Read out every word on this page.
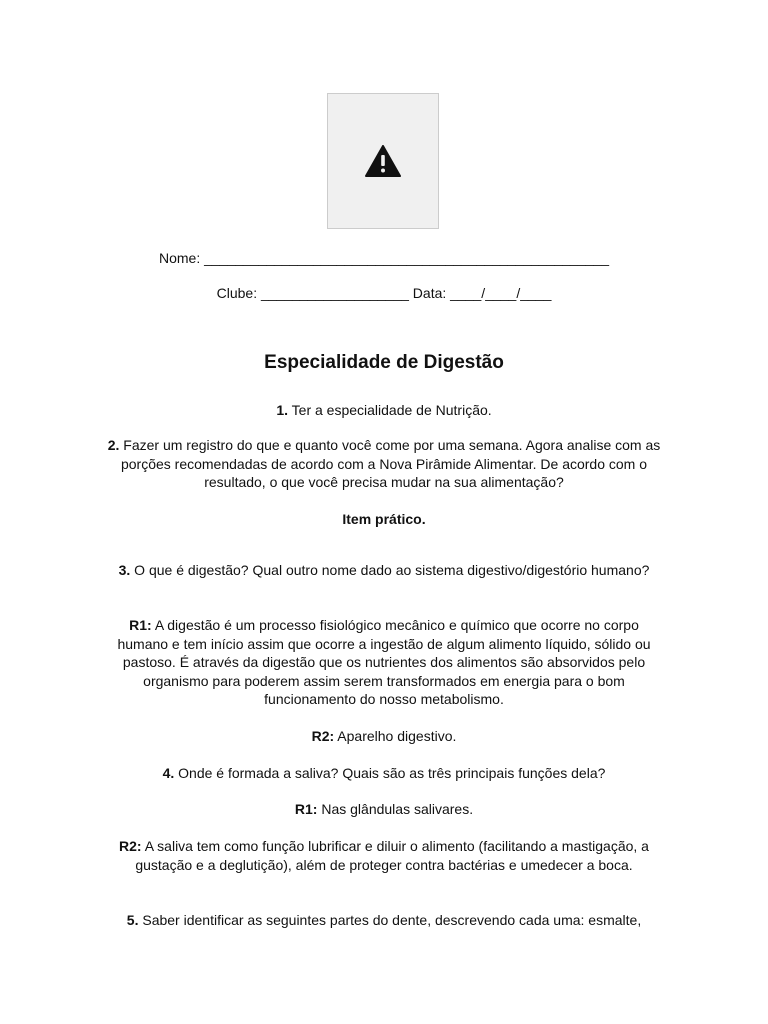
Nome: ____________________________________________________
Clube: ___________________ Data: ____/____/____
Especialidade de Digestão
1. Ter a especialidade de Nutrição.
2. Fazer um registro do que e quanto você come por uma semana. Agora analise com as porções recomendadas de acordo com a Nova Pirâmide Alimentar. De acordo com o resultado, o que você precisa mudar na sua alimentação?
Item prático.
3. O que é digestão? Qual outro nome dado ao sistema digestivo/digestório humano?
R1: A digestão é um processo fisiológico mecânico e químico que ocorre no corpo humano e tem início assim que ocorre a ingestão de algum alimento líquido, sólido ou pastoso. É através da digestão que os nutrientes dos alimentos são absorvidos pelo organismo para poderem assim serem transformados em energia para o bom funcionamento do nosso metabolismo.
R2: Aparelho digestivo.
4. Onde é formada a saliva? Quais são as três principais funções dela?
R1: Nas glândulas salivares.
R2: A saliva tem como função lubrificar e diluir o alimento (facilitando a mastigação, a gustação e a deglutição), além de proteger contra bactérias e umedecer a boca.
5. Saber identificar as seguintes partes do dente, descrevendo cada uma: esmalte,
